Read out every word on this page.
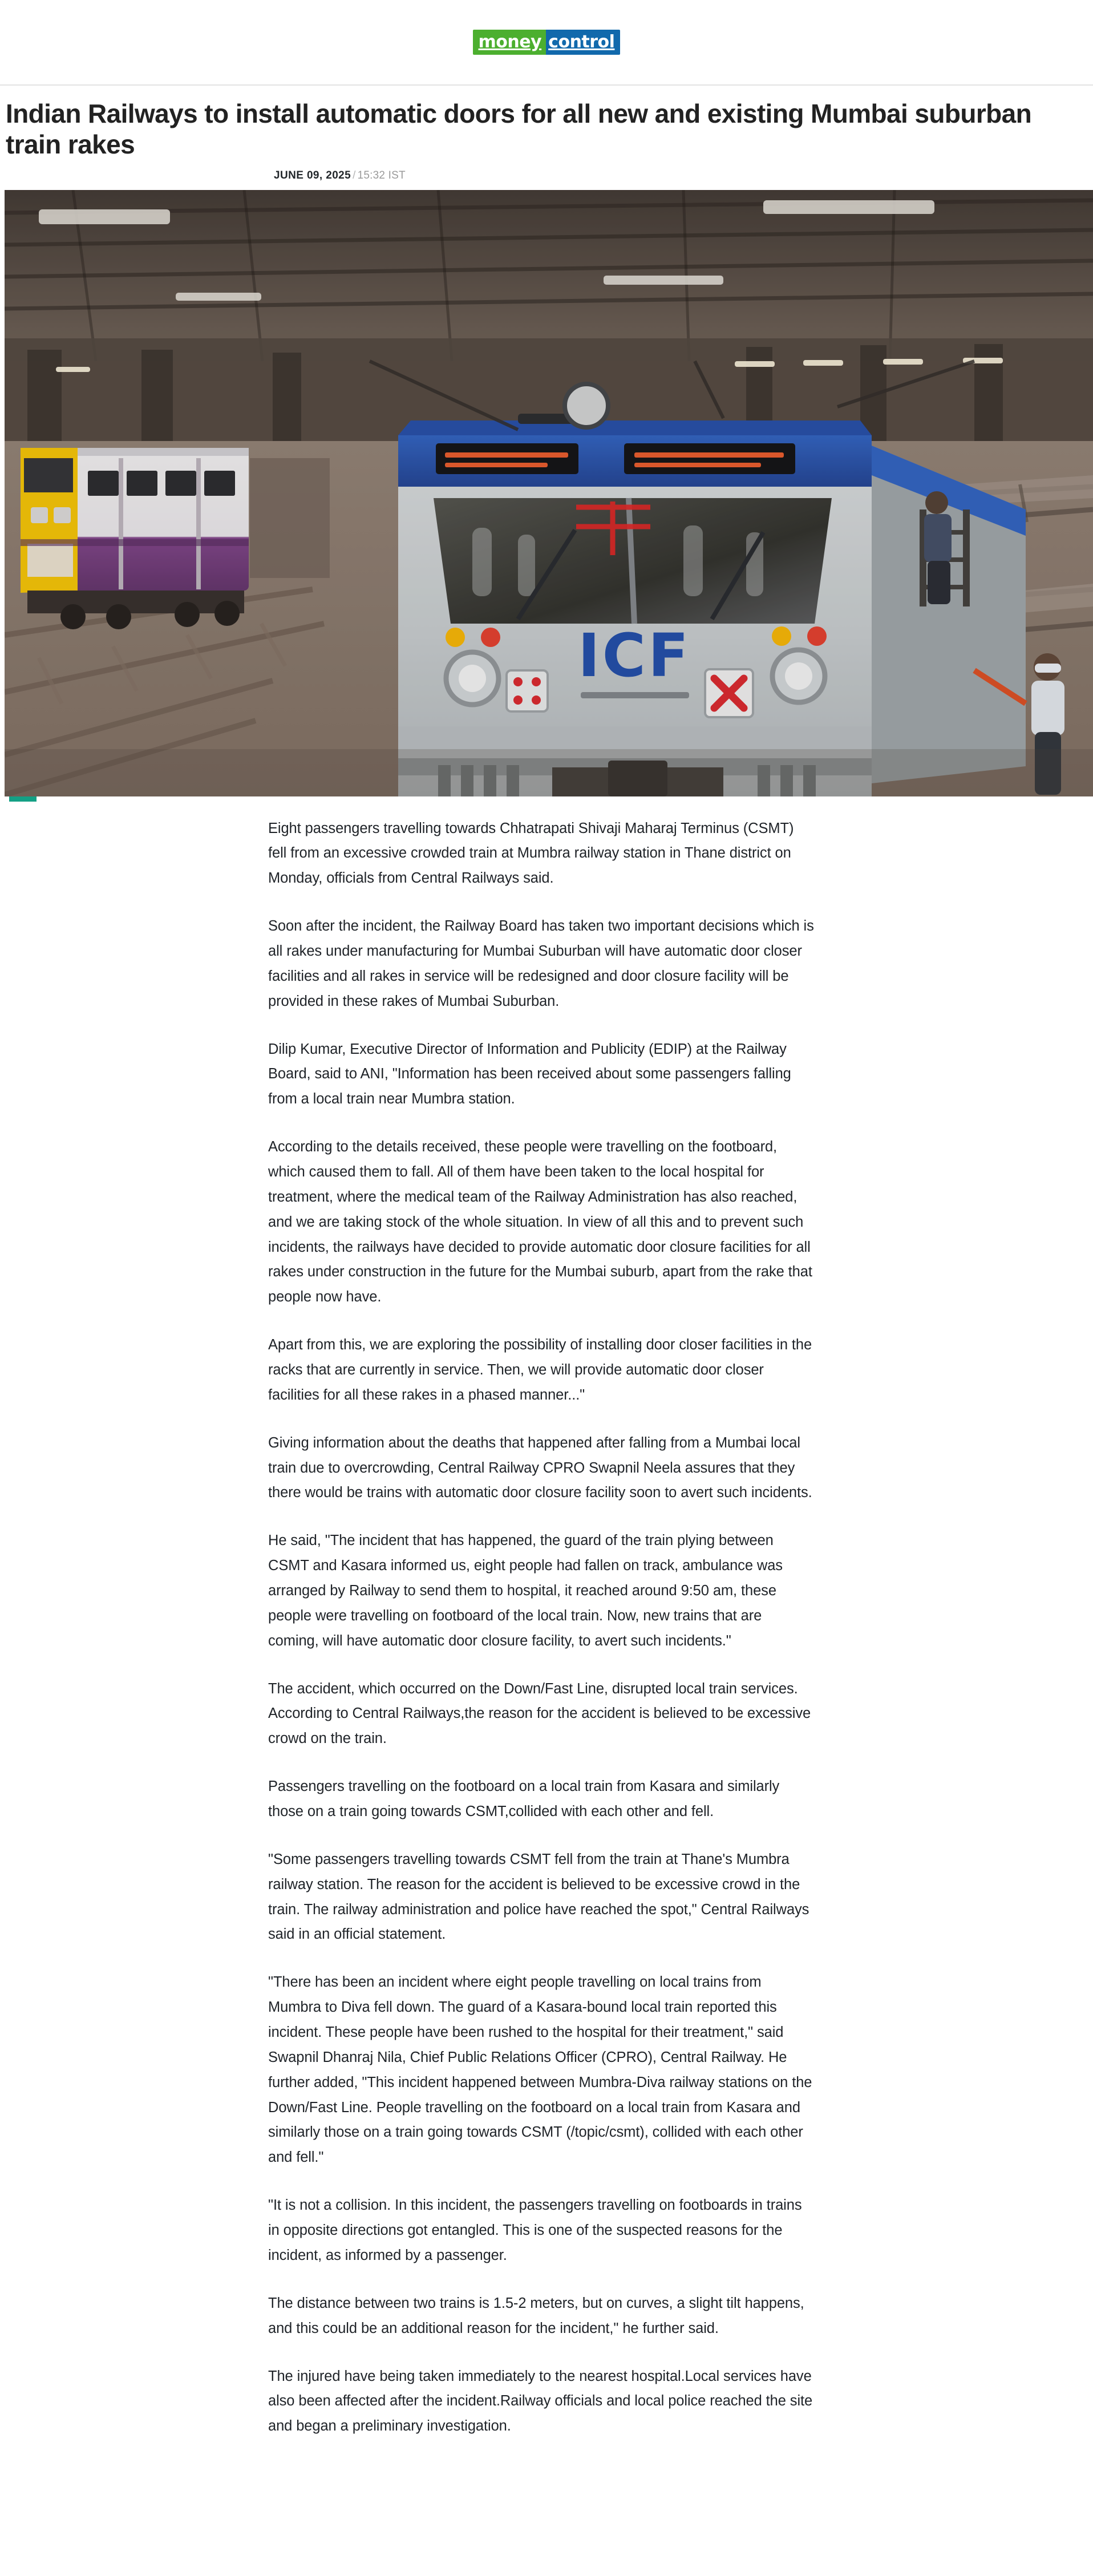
money control
Indian Railways to install automatic doors for all new and existing Mumbai suburban train rakes
JUNE 09, 2025 / 15:32 IST
ICF

Eight passengers travelling towards Chhatrapati Shivaji Maharaj Terminus (CSMT) fell from an excessive crowded train at Mumbra railway station in Thane district on Monday, officials from Central Railways said.

Soon after the incident, the Railway Board has taken two important decisions which is all rakes under manufacturing for Mumbai Suburban will have automatic door closer facilities and all rakes in service will be redesigned and door closure facility will be provided in these rakes of Mumbai Suburban.

Dilip Kumar, Executive Director of Information and Publicity (EDIP) at the Railway Board, said to ANI, "Information has been received about some passengers falling from a local train near Mumbra station.

According to the details received, these people were travelling on the footboard, which caused them to fall. All of them have been taken to the local hospital for treatment, where the medical team of the Railway Administration has also reached, and we are taking stock of the whole situation. In view of all this and to prevent such incidents, the railways have decided to provide automatic door closure facilities for all rakes under construction in the future for the Mumbai suburb, apart from the rake that people now have.

Apart from this, we are exploring the possibility of installing door closer facilities in the racks that are currently in service. Then, we will provide automatic door closer facilities for all these rakes in a phased manner..."

Giving information about the deaths that happened after falling from a Mumbai local train due to overcrowding, Central Railway CPRO Swapnil Neela assures that they there would be trains with automatic door closure facility soon to avert such incidents.

He said, "The incident that has happened, the guard of the train plying between CSMT and Kasara informed us, eight people had fallen on track, ambulance was arranged by Railway to send them to hospital, it reached around 9:50 am, these people were travelling on footboard of the local train. Now, new trains that are coming, will have automatic door closure facility, to avert such incidents."

The accident, which occurred on the Down/Fast Line, disrupted local train services. According to Central Railways,the reason for the accident is believed to be excessive crowd on the train.

Passengers travelling on the footboard on a local train from Kasara and similarly those on a train going towards CSMT,collided with each other and fell.

"Some passengers travelling towards CSMT fell from the train at Thane's Mumbra railway station. The reason for the accident is believed to be excessive crowd in the train. The railway administration and police have reached the spot," Central Railways said in an official statement.

"There has been an incident where eight people travelling on local trains from Mumbra to Diva fell down. The guard of a Kasara-bound local train reported this incident. These people have been rushed to the hospital for their treatment," said Swapnil Dhanraj Nila, Chief Public Relations Officer (CPRO), Central Railway. He further added, "This incident happened between Mumbra-Diva railway stations on the Down/Fast Line. People travelling on the footboard on a local train from Kasara and similarly those on a train going towards CSMT (/topic/csmt), collided with each other and fell."

"It is not a collision. In this incident, the passengers travelling on footboards in trains in opposite directions got entangled. This is one of the suspected reasons for the incident, as informed by a passenger.

The distance between two trains is 1.5-2 meters, but on curves, a slight tilt happens, and this could be an additional reason for the incident," he further said.

The injured have being taken immediately to the nearest hospital.Local services have also been affected after the incident.Railway officials and local police reached the site and began a preliminary investigation.
